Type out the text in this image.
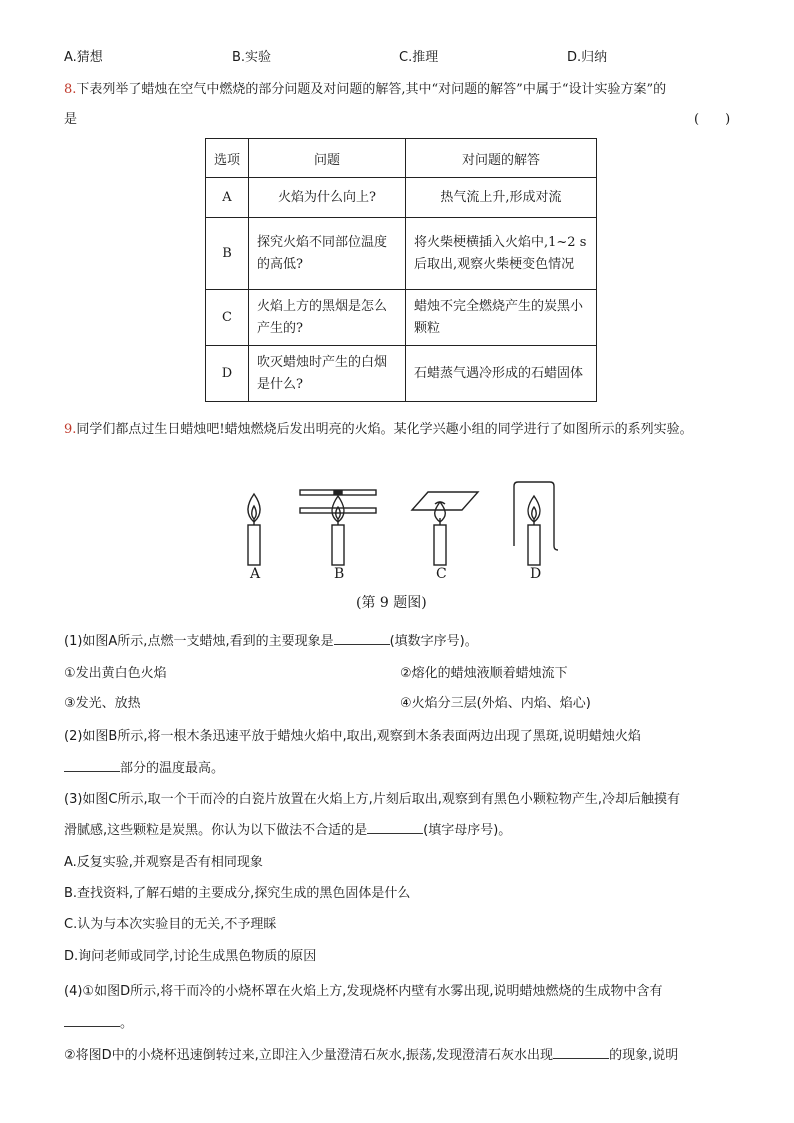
A.猜想	B.实验	C.推理	D.归纳
8.下表列举了蜡烛在空气中燃烧的部分问题及对问题的解答,其中“对问题的解答”中属于“设计实验方案”的
是	(　　)
选项	问题	对问题的解答
A	火焰为什么向上?	热气流上升,形成对流
B	探究火焰不同部位温度的高低?	将火柴梗横插入火焰中,1~2 s后取出,观察火柴梗变色情况
C	火焰上方的黑烟是怎么产生的?	蜡烛不完全燃烧产生的炭黑小颗粒
D	吹灭蜡烛时产生的白烟是什么?	石蜡蒸气遇冷形成的石蜡固体
9.同学们都点过生日蜡烛吧!蜡烛燃烧后发出明亮的火焰。某化学兴趣小组的同学进行了如图所示的系列实验。
A	B	C	D
(第 9 题图)
(1)如图A所示,点燃一支蜡烛,看到的主要现象是	(填数字序号)。
①发出黄白色火焰	②熔化的蜡烛液顺着蜡烛流下
③发光、放热	④火焰分三层(外焰、内焰、焰心)
(2)如图B所示,将一根木条迅速平放于蜡烛火焰中,取出,观察到木条表面两边出现了黑斑,说明蜡烛火焰
部分的温度最高。
(3)如图C所示,取一个干而冷的白瓷片放置在火焰上方,片刻后取出,观察到有黑色小颗粒物产生,冷却后触摸有
滑腻感,这些颗粒是炭黑。你认为以下做法不合适的是	(填字母序号)。
A.反复实验,并观察是否有相同现象
B.查找资料,了解石蜡的主要成分,探究生成的黑色固体是什么
C.认为与本次实验目的无关,不予理睬
D.询问老师或同学,讨论生成黑色物质的原因
(4)①如图D所示,将干而冷的小烧杯罩在火焰上方,发现烧杯内壁有水雾出现,说明蜡烛燃烧的生成物中含有
。
②将图D中的小烧杯迅速倒转过来,立即注入少量澄清石灰水,振荡,发现澄清石灰水出现	的现象,说明
